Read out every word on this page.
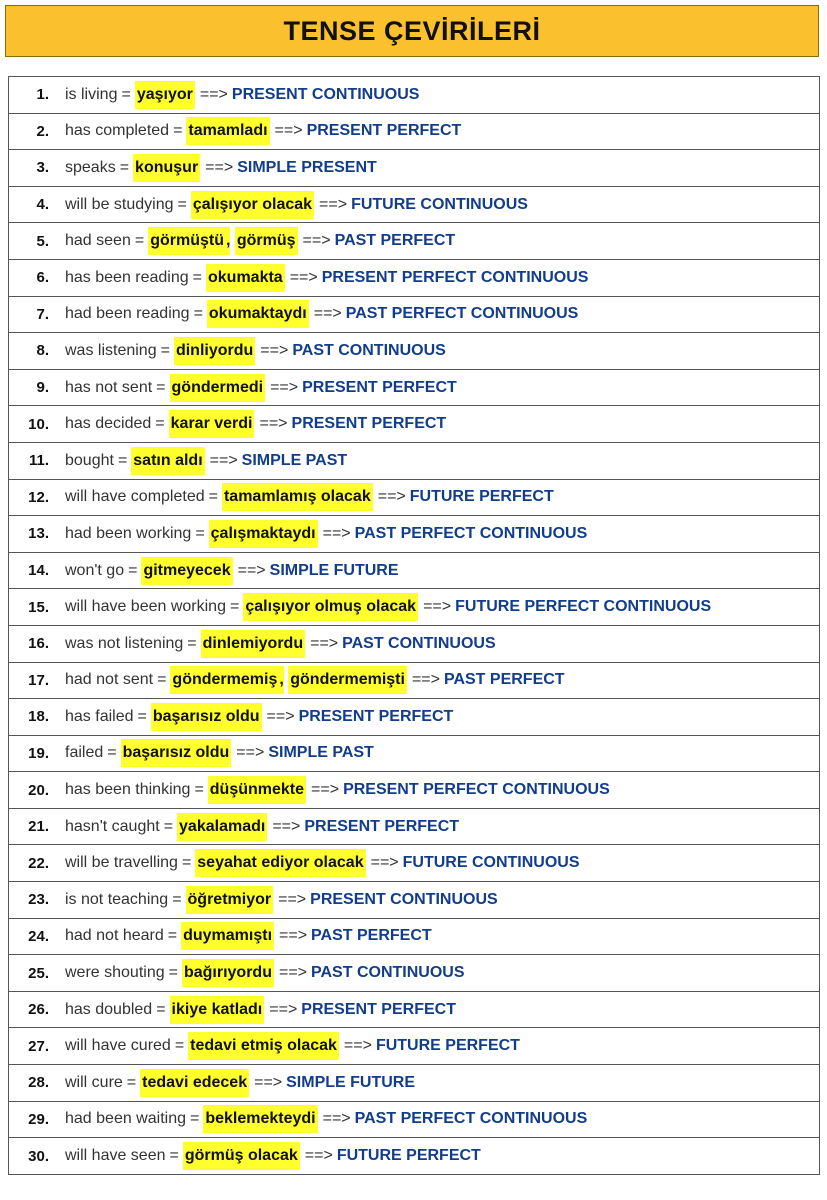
TENSE ÇEVİRİLERİ
1. is living = yaşıyor ==> PRESENT CONTINUOUS
2. has completed = tamamladı ==> PRESENT PERFECT
3. speaks = konuşur ==> SIMPLE PRESENT
4. will be studying = çalışıyor olacak ==> FUTURE CONTINUOUS
5. had seen = görmüştü ,
görmüş ==> PAST PERFECT
6. has been reading = okumakta ==> PRESENT PERFECT CONTINUOUS
7. had been reading = okumaktaydı ==> PAST PERFECT CONTINUOUS
8. was listening = dinliyordu ==> PAST CONTINUOUS
9. has not sent = göndermedi ==> PRESENT PERFECT
10. has decided = karar verdi ==> PRESENT PERFECT
11. bought = satın aldı ==> SIMPLE PAST
12. will have completed = tamamlamış olacak ==> FUTURE PERFECT
13. had been working = çalışmaktaydı ==> PAST PERFECT CONTINUOUS
14. won't go = gitmeyecek ==> SIMPLE FUTURE
15. will have been working = çalışıyor olmuş olacak ==> FUTURE PERFECT CONTINUOUS
16. was not listening = dinlemiyordu ==> PAST CONTINUOUS
17. had not sent = göndermemiş ,
göndermemişti ==> PAST PERFECT
18. has failed = başarısız oldu ==> PRESENT PERFECT
19. failed = başarısız oldu ==> SIMPLE PAST
20. has been thinking = düşünmekte ==> PRESENT PERFECT CONTINUOUS
21. hasn't caught = yakalamadı ==> PRESENT PERFECT
22. will be travelling = seyahat ediyor olacak ==> FUTURE CONTINUOUS
23. is not teaching = öğretmiyor ==> PRESENT CONTINUOUS
24. had not heard = duymamıştı ==> PAST PERFECT
25. were shouting = bağırıyordu ==> PAST CONTINUOUS
26. has doubled = ikiye katladı ==> PRESENT PERFECT
27. will have cured = tedavi etmiş olacak ==> FUTURE PERFECT
28. will cure = tedavi edecek ==> SIMPLE FUTURE
29. had been waiting = beklemekteydi ==> PAST PERFECT CONTINUOUS
30. will have seen = görmüş olacak ==> FUTURE PERFECT
